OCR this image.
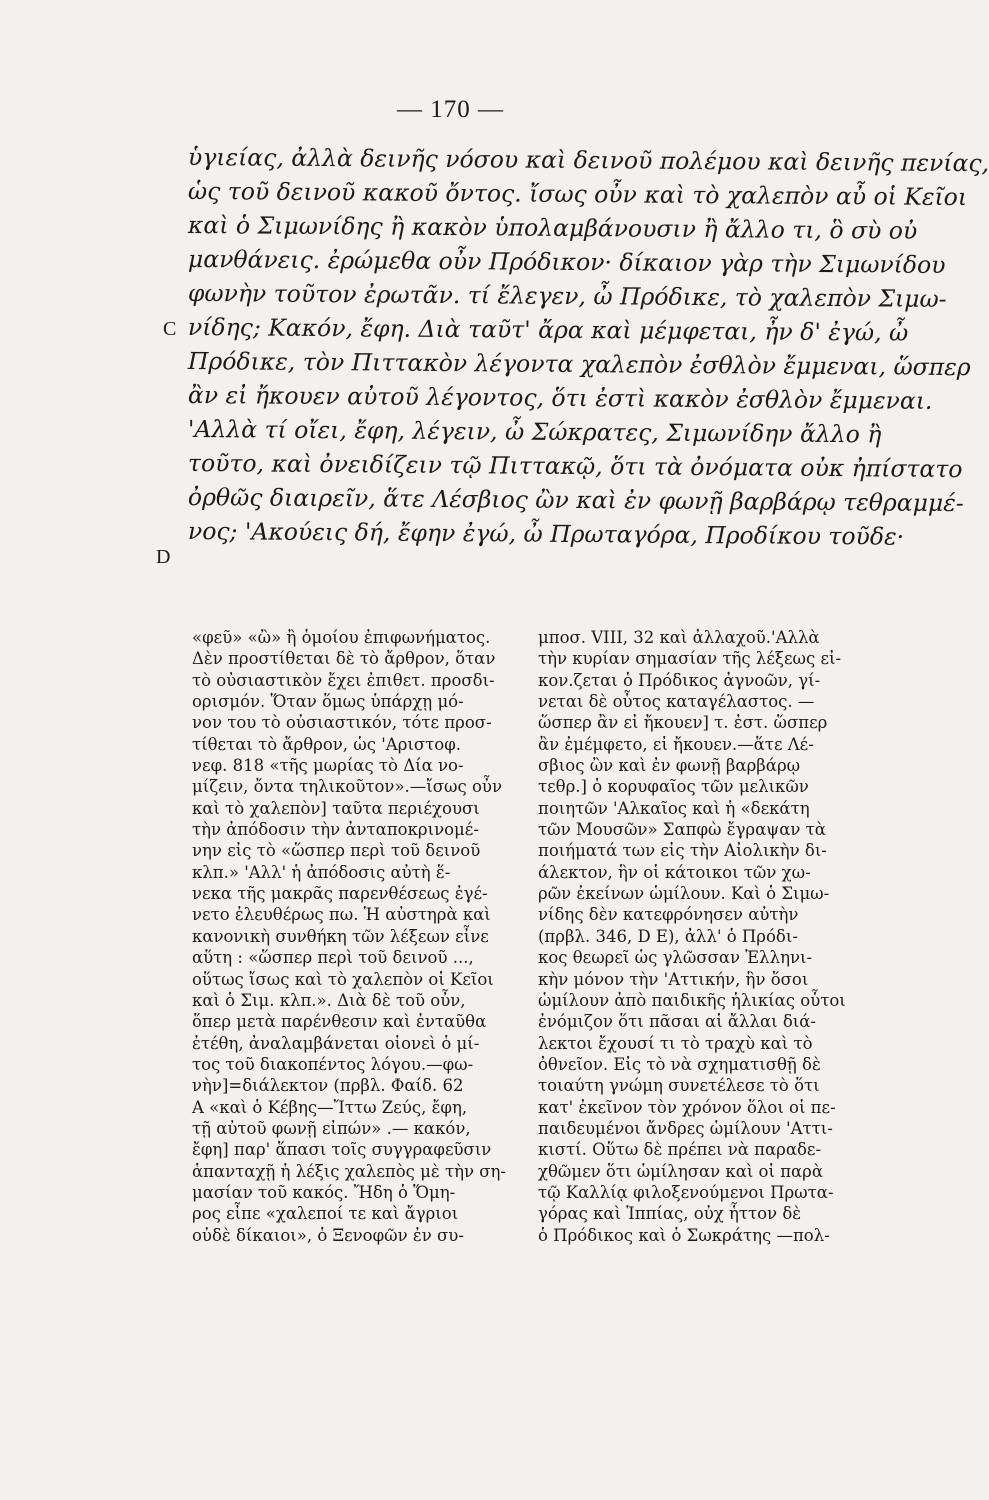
— 170 —
C
D
ὑγιείας, ἀλλὰ δεινῆς νόσου καὶ δεινοῦ πολέμου καὶ δεινῆς πενίας,
ὡς τοῦ δεινοῦ κακοῦ ὄντος. ἴσως οὖν καὶ τὸ χαλεπὸν αὖ οἱ Κεῖοι
καὶ ὁ Σιμωνίδης ἢ κακὸν ὑπολαμβάνουσιν ἢ ἄλλο τι, ὃ σὺ οὐ
μανθάνεις. ἐρώμεθα οὖν Πρόδικον· δίκαιον γὰρ τὴν Σιμωνίδου
φωνὴν τοῦτον ἐρωτᾶν. τί ἔλεγεν, ὦ Πρόδικε, τὸ χαλεπὸν Σιμω-
νίδης; Κακόν, ἔφη. Διὰ ταῦτ' ἄρα καὶ μέμφεται, ἦν δ' ἐγώ, ὦ
Πρόδικε, τὸν Πιττακὸν λέγοντα χαλεπὸν ἐσθλὸν ἔμμεναι, ὥσπερ
ἂν εἰ ἤκουεν αὐτοῦ λέγοντος, ὅτι ἐστὶ κακὸν ἐσθλὸν ἔμμεναι.
'Αλλὰ τί οἴει, ἔφη, λέγειν, ὦ Σώκρατες, Σιμωνίδην ἄλλο ἢ
τοῦτο, καὶ ὀνειδίζειν τῷ Πιττακῷ, ὅτι τὰ ὀνόματα οὐκ ἠπίστατο
ὀρθῶς διαιρεῖν, ἅτε Λέσβιος ὢν καὶ ἐν φωνῇ βαρβάρῳ τεθραμμέ-
νος; 'Ακούεις δή, ἔφην ἐγώ, ὦ Πρωταγόρα, Προδίκου τοῦδε·
«φεῦ» «ὢ» ἢ ὁμοίου ἐπιφωνήματος.
Δὲν προστίθεται δὲ τὸ ἄρθρον, ὅταν
τὸ οὐσιαστικὸν ἔχει ἐπιθετ. προσδι-
ορισμόν. Ὅταν ὅμως ὑπάρχῃ μό-
νον του τὸ οὐσιαστικόν, τότε προσ-
τίθεται τὸ ἄρθρον, ὡς 'Αριστοφ.
νεφ. 818 «τῆς μωρίας τὸ Δία νο-
μίζειν, ὄντα τηλικοῦτον».—ἴσως οὖν
καὶ τὸ χαλεπὸν] ταῦτα περιέχουσι
τὴν ἀπόδοσιν τὴν ἀνταποκρινομέ-
νην εἰς τὸ «ὥσπερ περὶ τοῦ δεινοῦ
κλπ.» 'Αλλ' ἡ ἀπόδοσις αὐτὴ ἕ-
νεκα τῆς μακρᾶς παρενθέσεως ἐγέ-
νετο ἐλευθέρως πω. Ἡ αὐστηρὰ καὶ
κανονικὴ συνθήκη τῶν λέξεων εἶνε
αὕτη : «ὥσπερ περὶ τοῦ δεινοῦ ...,
οὕτως ἴσως καὶ τὸ χαλεπὸν οἱ Κεῖοι
καὶ ὁ Σιμ. κλπ.». Διὰ δὲ τοῦ οὖν,
ὅπερ μετὰ παρένθεσιν καὶ ἐνταῦθα
ἐτέθη, ἀναλαμβάνεται οἱονεὶ ὁ μί-
τος τοῦ διακοπέντος λόγου.—φω-
νὴν]=διάλεκτον (πρβλ. Φαίδ. 62
Α «καὶ ὁ Κέβης—Ἴττω Ζεύς, ἔφη,
τῇ αὐτοῦ φωνῇ εἰπών» .— κακόν,
ἔφη] παρ' ἅπασι τοῖς συγγραφεῦσιν
ἁπανταχῇ ἡ λέξις χαλεπὸς μὲ τὴν ση-
μασίαν τοῦ κακός. Ἤδη ὁ Ὅμη-
ρος εἶπε «χαλεποί τε καὶ ἄγριοι
οὐδὲ δίκαιοι», ὁ Ξενοφῶν ἐν συ-
μποσ. VIII, 32 καὶ ἀλλαχοῦ.'Αλλὰ
τὴν κυρίαν σημασίαν τῆς λέξεως εἰ-
κον.ζεται ὁ Πρόδικος ἀγνοῶν, γί-
νεται δὲ οὗτος καταγέλαστος. —
ὥσπερ ἂν εἰ ἤκουεν] τ. ἐστ. ὥσπερ
ἂν ἐμέμφετο, εἰ ἤκουεν.—ἅτε Λέ-
σβιος ὢν καὶ ἐν φωνῇ βαρβάρῳ
τεθρ.] ὁ κορυφαῖος τῶν μελικῶν
ποιητῶν 'Αλκαῖος καὶ ἡ «δεκάτη
τῶν Μουσῶν» Σαπφὼ ἔγραψαν τὰ
ποιήματά των εἰς τὴν Αἰολικὴν δι-
άλεκτον, ἣν οἱ κάτοικοι τῶν χω-
ρῶν ἐκείνων ὡμίλουν. Καὶ ὁ Σιμω-
νίδης δὲν κατεφρόνησεν αὐτὴν
(πρβλ. 346, D E), ἀλλ' ὁ Πρόδι-
κος θεωρεῖ ὡς γλῶσσαν Ἑλληνι-
κὴν μόνον τὴν 'Αττικήν, ἣν ὅσοι
ὡμίλουν ἀπὸ παιδικῆς ἡλικίας οὗτοι
ἐνόμιζον ὅτι πᾶσαι αἱ ἄλλαι διά-
λεκτοι ἔχουσί τι τὸ τραχὺ καὶ τὸ
ὀθνεῖον. Εἰς τὸ νὰ σχηματισθῇ δὲ
τοιαύτη γνώμη συνετέλεσε τὸ ὅτι
κατ' ἐκεῖνον τὸν χρόνον ὅλοι οἱ πε-
παιδευμένοι ἄνδρες ὡμίλουν 'Αττι-
κιστί. Οὕτω δὲ πρέπει νὰ παραδε-
χθῶμεν ὅτι ὡμίλησαν καὶ οἱ παρὰ
τῷ Καλλίᾳ φιλοξενούμενοι Πρωτα-
γόρας καὶ Ἱππίας, οὐχ ἧττον δὲ
ὁ Πρόδικος καὶ ὁ Σωκράτης —πολ-
